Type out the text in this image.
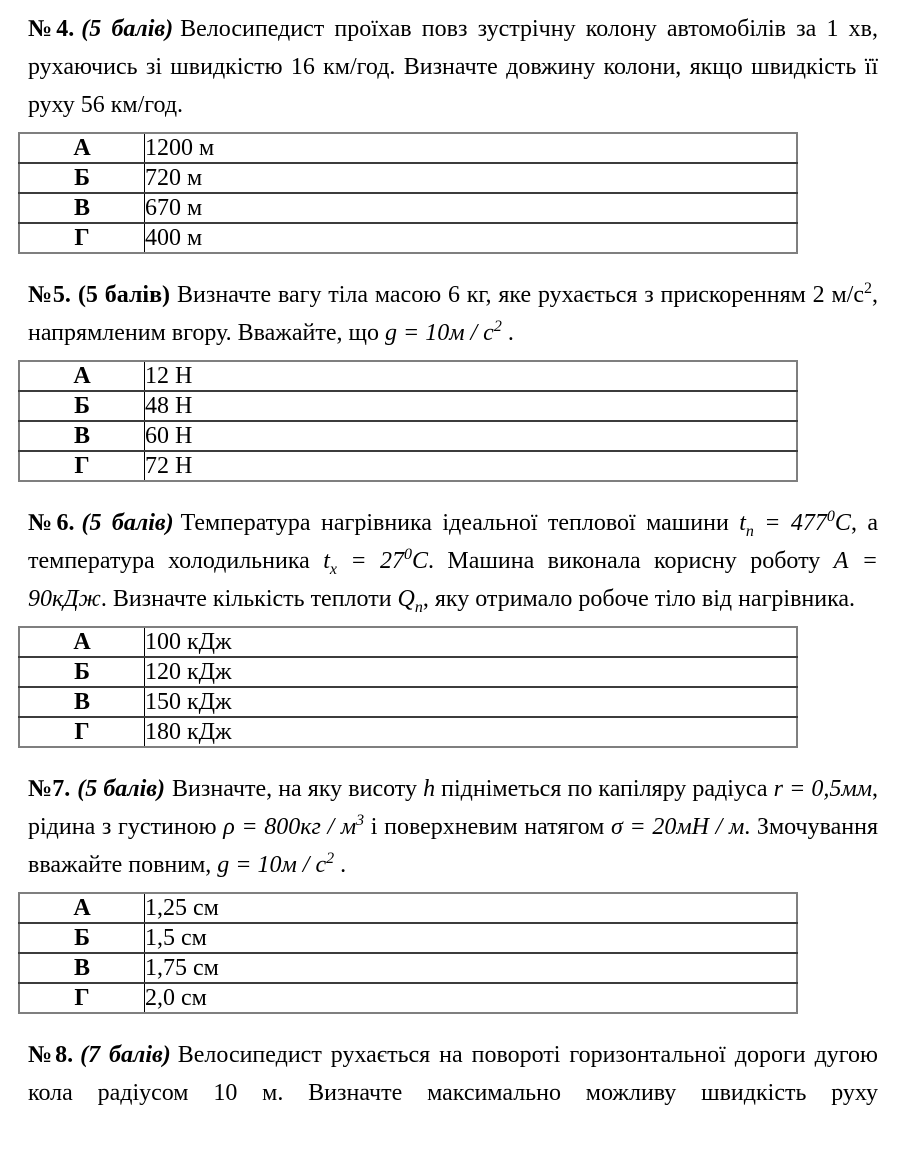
№4. (5 балів) Велосипедист проїхав повз зустрічну колону автомобілів за 1 хв, рухаючись зі швидкістю 16 км/год. Визначте довжину колони, якщо швидкість її руху 56 км/год.

А	1200 м
Б	720 м
В	670 м
Г	400 м

№5. (5 балів) Визначте вагу тіла масою 6 кг, яке рухається з прискоренням 2 $м/с^2$, напрямленим вгору. Вважайте, що $g = 10м / с^2$ .

А	12 Н
Б	48 Н
В	60 Н
Г	72 Н

№6. (5 балів) Температура нагрівника ідеальної теплової машини $t_n = 477^0С$, а температура холодильника $t_x = 27^0С$. Машина виконала корисну роботу А = 90кДж. Визначте кількість теплоти $Q_n$, яку отримало робоче тіло від нагрівника.

А	100 кДж
Б	120 кДж
В	150 кДж
Г	180 кДж

№7. (5 балів) Визначте, на яку висоту h підніметься по капіляру радіуса r = 0,5мм, рідина з густиною $\rho = 800кг / м^3$ і поверхневим натягом σ = 20мН / м. Змочування вважайте повним, $g = 10м / с^2$ .

А	1,25 см
Б	1,5 см
В	1,75 см
Г	2,0 см

№8. (7 балів) Велосипедист рухається на повороті горизонтальної дороги дугою кола радіусом 10 м. Визначте максимально можливу швидкість руху
